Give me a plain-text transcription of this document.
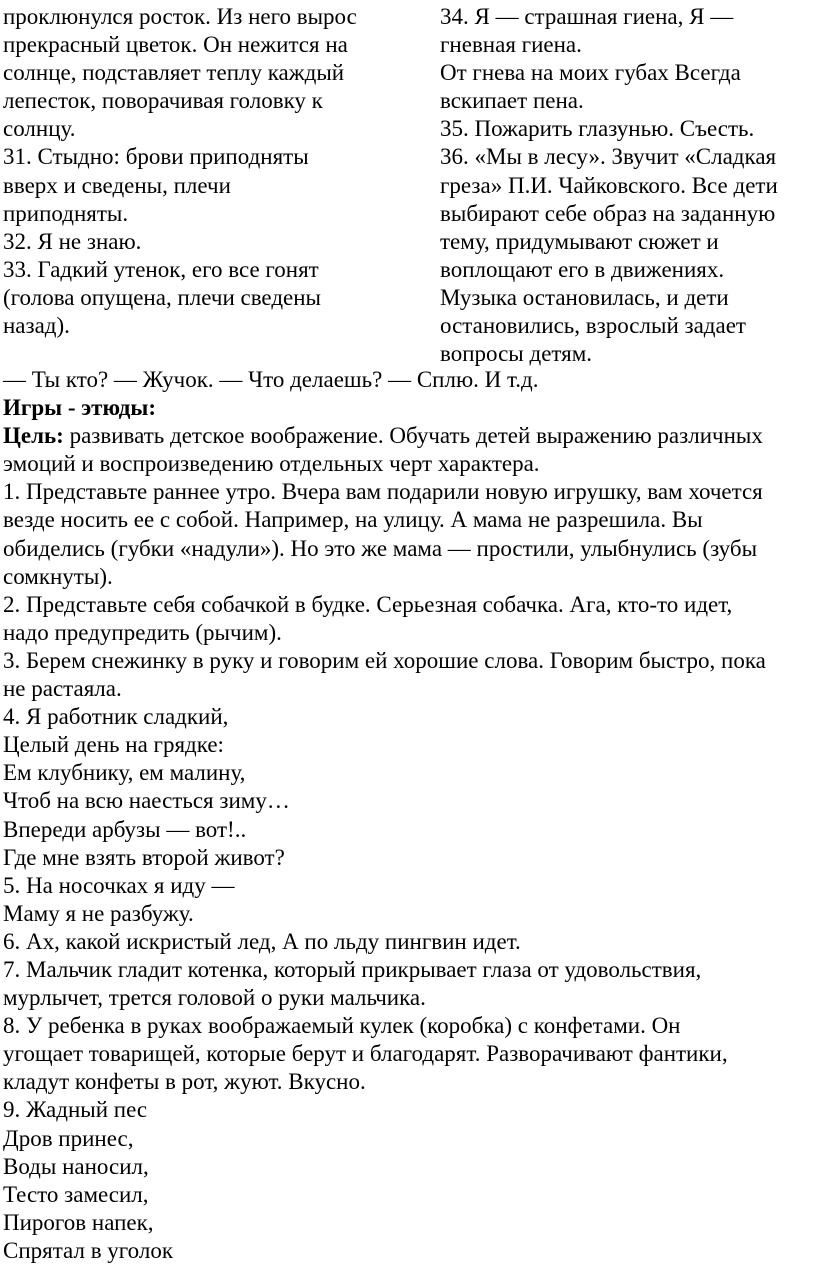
проклюнулся росток. Из него вырос
прекрасный цветок. Он нежится на
солнце, подставляет теплу каждый
лепесток, поворачивая головку к
солнцу.
31. Стыдно: брови приподняты
вверх и сведены, плечи
приподняты.
32. Я не знаю.
33. Гадкий утенок, его все гонят
(голова опущена, плечи сведены
назад).
34. Я — страшная гиена, Я —
гневная гиена.
От гнева на моих губах Всегда
вскипает пена.
35. Пожарить глазунью. Съесть.
36. «Мы в лесу». Звучит «Сладкая
греза» П.И. Чайковского. Все дети
выбирают себе образ на заданную
тему, придумывают сюжет и
воплощают его в движениях.
Музыка остановилась, и дети
остановились, взрослый задает
вопросы детям.
— Ты кто? — Жучок. — Что делаешь? — Сплю. И т.д.
Игры - этюды:
Цель: развивать детское воображение. Обучать детей выражению различных
эмоций и воспроизведению отдельных черт характера.
1. Представьте раннее утро. Вчера вам подарили новую игрушку, вам хочется
везде носить ее с собой. Например, на улицу. А мама не разрешила. Вы
обиделись (губки «надули»). Но это же мама — простили, улыбнулись (зубы
сомкнуты).
2. Представьте себя собачкой в будке. Серьезная собачка. Ага, кто-то идет,
надо предупредить (рычим).
3. Берем снежинку в руку и говорим ей хорошие слова. Говорим быстро, пока
не растаяла.
4. Я работник сладкий,
Целый день на грядке:
Ем клубнику, ем малину,
Чтоб на всю наесться зиму…
Впереди арбузы — вот!..
Где мне взять второй живот?
5. На носочках я иду —
Маму я не разбужу.
6. Ах, какой искристый лед, А по льду пингвин идет.
7. Мальчик гладит котенка, который прикрывает глаза от удовольствия,
мурлычет, трется головой о руки мальчика.
8. У ребенка в руках воображаемый кулек (коробка) с конфетами. Он
угощает товарищей, которые берут и благодарят. Разворачивают фантики,
кладут конфеты в рот, жуют. Вкусно.
9. Жадный пес
Дров принес,
Воды наносил,
Тесто замесил,
Пирогов напек,
Спрятал в уголок
